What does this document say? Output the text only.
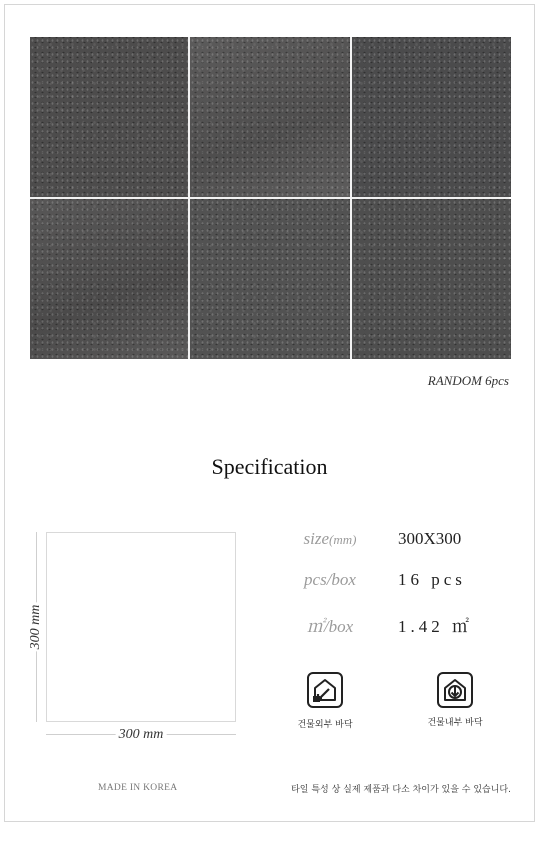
RANDOM 6pcs
Specification
300 mm
300 mm
size(mm)	300X300
pcs/box	16 pcs
㎡/box	1.42 ㎡
건물외부 바닥	건물내부 바닥
MADE IN KOREA	타일 특성 상 실제 제품과 다소 차이가 있을 수 있습니다.
